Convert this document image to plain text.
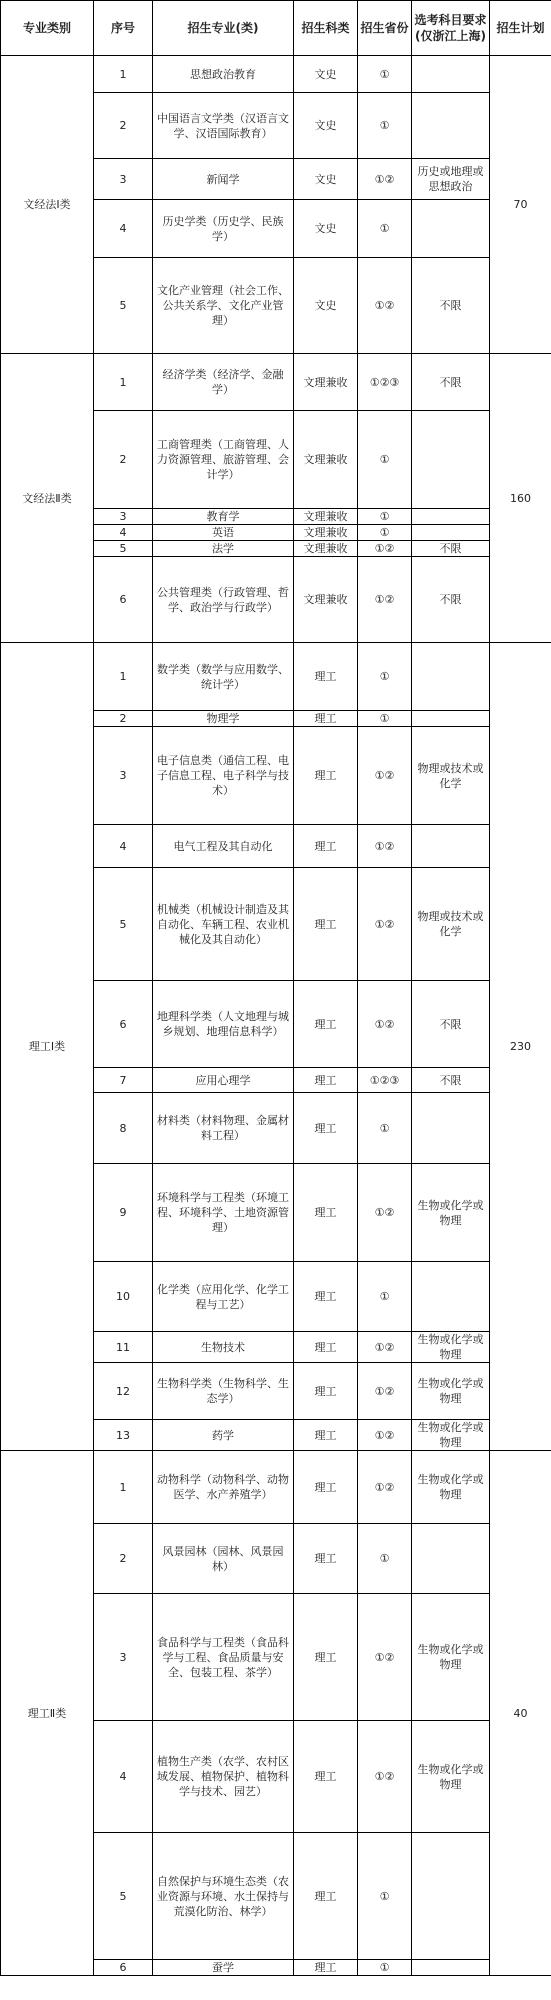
专业类别	序号	招生专业(类)	招生科类	招生省份	选考科目要求(仅浙江上海)	招生计划
文经法Ⅰ类	1	思想政治教育	文史	①		70
	2	中国语言文学类（汉语言文学、汉语国际教育）	文史	①		
	3	新闻学	文史	①②	历史或地理或思想政治	
	4	历史学类（历史学、民族学）	文史	①		
	5	文化产业管理（社会工作、公共关系学、文化产业管理）	文史	①②	不限	
文经法Ⅱ类	1	经济学类（经济学、金融学）	文理兼收	①②③	不限	160
	2	工商管理类（工商管理、人力资源管理、旅游管理、会计学）	文理兼收	①		
	3	教育学	文理兼收	①		
	4	英语	文理兼收	①		
	5	法学	文理兼收	①②	不限	
	6	公共管理类（行政管理、哲学、政治学与行政学）	文理兼收	①②	不限	
理工Ⅰ类	1	数学类（数学与应用数学、统计学）	理工	①		230
	2	物理学	理工	①		
	3	电子信息类（通信工程、电子信息工程、电子科学与技术）	理工	①②	物理或技术或化学	
	4	电气工程及其自动化	理工	①②		
	5	机械类（机械设计制造及其自动化、车辆工程、农业机械化及其自动化）	理工	①②	物理或技术或化学	
	6	地理科学类（人文地理与城乡规划、地理信息科学）	理工	①②	不限	
	7	应用心理学	理工	①②③	不限	
	8	材料类（材料物理、金属材料工程）	理工	①		
	9	环境科学与工程类（环境工程、环境科学、土地资源管理）	理工	①②	生物或化学或物理	
	10	化学类（应用化学、化学工程与工艺）	理工	①		
	11	生物技术	理工	①②	生物或化学或物理	
	12	生物科学类（生物科学、生态学）	理工	①②	生物或化学或物理	
	13	药学	理工	①②	生物或化学或物理	
理工Ⅱ类	1	动物科学（动物科学、动物医学、水产养殖学）	理工	①②	生物或化学或物理	40
	2	风景园林（园林、风景园林）	理工	①		
	3	食品科学与工程类（食品科学与工程、食品质量与安全、包装工程、茶学）	理工	①②	生物或化学或物理	
	4	植物生产类（农学、农村区域发展、植物保护、植物科学与技术、园艺）	理工	①②	生物或化学或物理	
	5	自然保护与环境生态类（农业资源与环境、水土保持与荒漠化防治、林学）	理工	①		
	6	蚕学	理工	①		
